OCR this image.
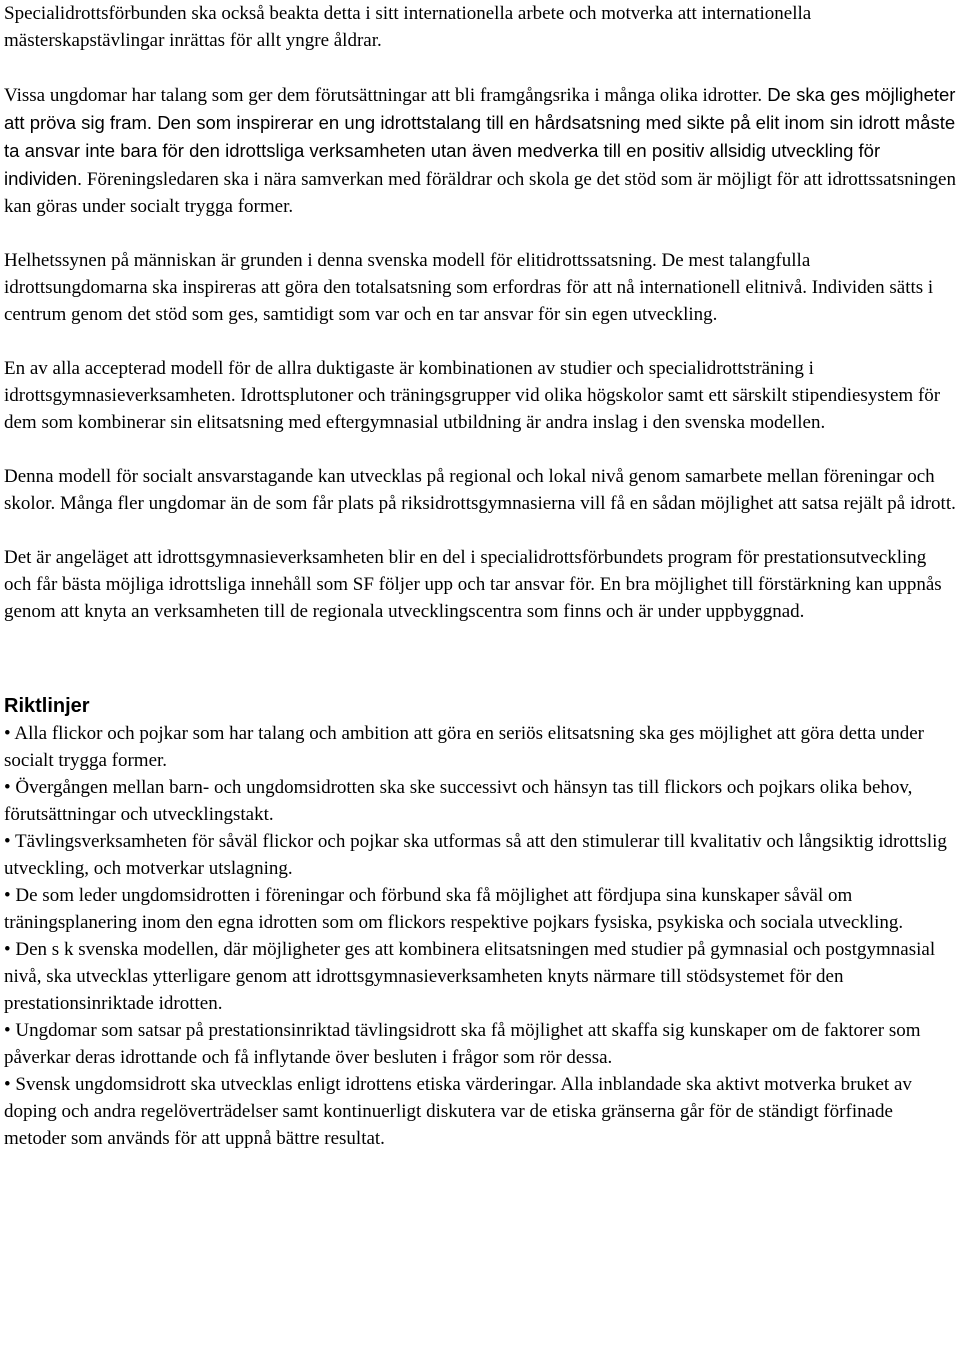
Specialidrottsförbunden ska också beakta detta i sitt internationella arbete och motverka att internationella mästerskapstävlingar inrättas för allt yngre åldrar.

Vissa ungdomar har talang som ger dem förutsättningar att bli framgångsrika i många olika idrotter. De ska ges möjligheter att pröva sig fram. Den som inspirerar en ung idrottstalang till en hårdsatsning med sikte på elit inom sin idrott måste ta ansvar inte bara för den idrottsliga verksamheten utan även medverka till en positiv allsidig utveckling för individen. Föreningsledaren ska i nära samverkan med föräldrar och skola ge det stöd som är möjligt för att idrottssatsningen kan göras under socialt trygga former.

Helhetssynen på människan är grunden i denna svenska modell för elitidrottssatsning. De mest talangfulla idrottsungdomarna ska inspireras att göra den totalsatsning som erfordras för att nå internationell elitnivå. Individen sätts i centrum genom det stöd som ges, samtidigt som var och en tar ansvar för sin egen utveckling.

En av alla accepterad modell för de allra duktigaste är kombinationen av studier och specialidrottsträning i idrottsgymnasieverksamheten. Idrottsplutoner och träningsgrupper vid olika högskolor samt ett särskilt stipendiesystem för dem som kombinerar sin elitsatsning med eftergymnasial utbildning är andra inslag i den svenska modellen.

Denna modell för socialt ansvarstagande kan utvecklas på regional och lokal nivå genom samarbete mellan föreningar och skolor. Många fler ungdomar än de som får plats på riksidrottsgymnasierna vill få en sådan möjlighet att satsa rejält på idrott.

Det är angeläget att idrottsgymnasieverksamheten blir en del i specialidrottsförbundets program för prestationsutveckling och får bästa möjliga idrottsliga innehåll som SF följer upp och tar ansvar för. En bra möjlighet till förstärkning kan uppnås genom att knyta an verksamheten till de regionala utvecklingscentra som finns och är under uppbyggnad.

Riktlinjer

• Alla flickor och pojkar som har talang och ambition att göra en seriös elitsatsning ska ges möjlighet att göra detta under socialt trygga former.

• Övergången mellan barn- och ungdomsidrotten ska ske successivt och hänsyn tas till flickors och pojkars olika behov, förutsättningar och utvecklingstakt.

• Tävlingsverksamheten för såväl flickor och pojkar ska utformas så att den stimulerar till kvalitativ och långsiktig idrottslig utveckling, och motverkar utslagning.

• De som leder ungdomsidrotten i föreningar och förbund ska få möjlighet att fördjupa sina kunskaper såväl om träningsplanering inom den egna idrotten som om flickors respektive pojkars fysiska, psykiska och sociala utveckling.

• Den s k svenska modellen, där möjligheter ges att kombinera elitsatsningen med studier på gymnasial och postgymnasial nivå, ska utvecklas ytterligare genom att idrottsgymnasieverksamheten knyts närmare till stödsystemet för den prestationsinriktade idrotten.

• Ungdomar som satsar på prestationsinriktad tävlingsidrott ska få möjlighet att skaffa sig kunskaper om de faktorer som påverkar deras idrottande och få inflytande över besluten i frågor som rör dessa.

• Svensk ungdomsidrott ska utvecklas enligt idrottens etiska värderingar. Alla inblandade ska aktivt motverka bruket av doping och andra regelöverträdelser samt kontinuerligt diskutera var de etiska gränserna går för de ständigt förfinade metoder som används för att uppnå bättre resultat.
